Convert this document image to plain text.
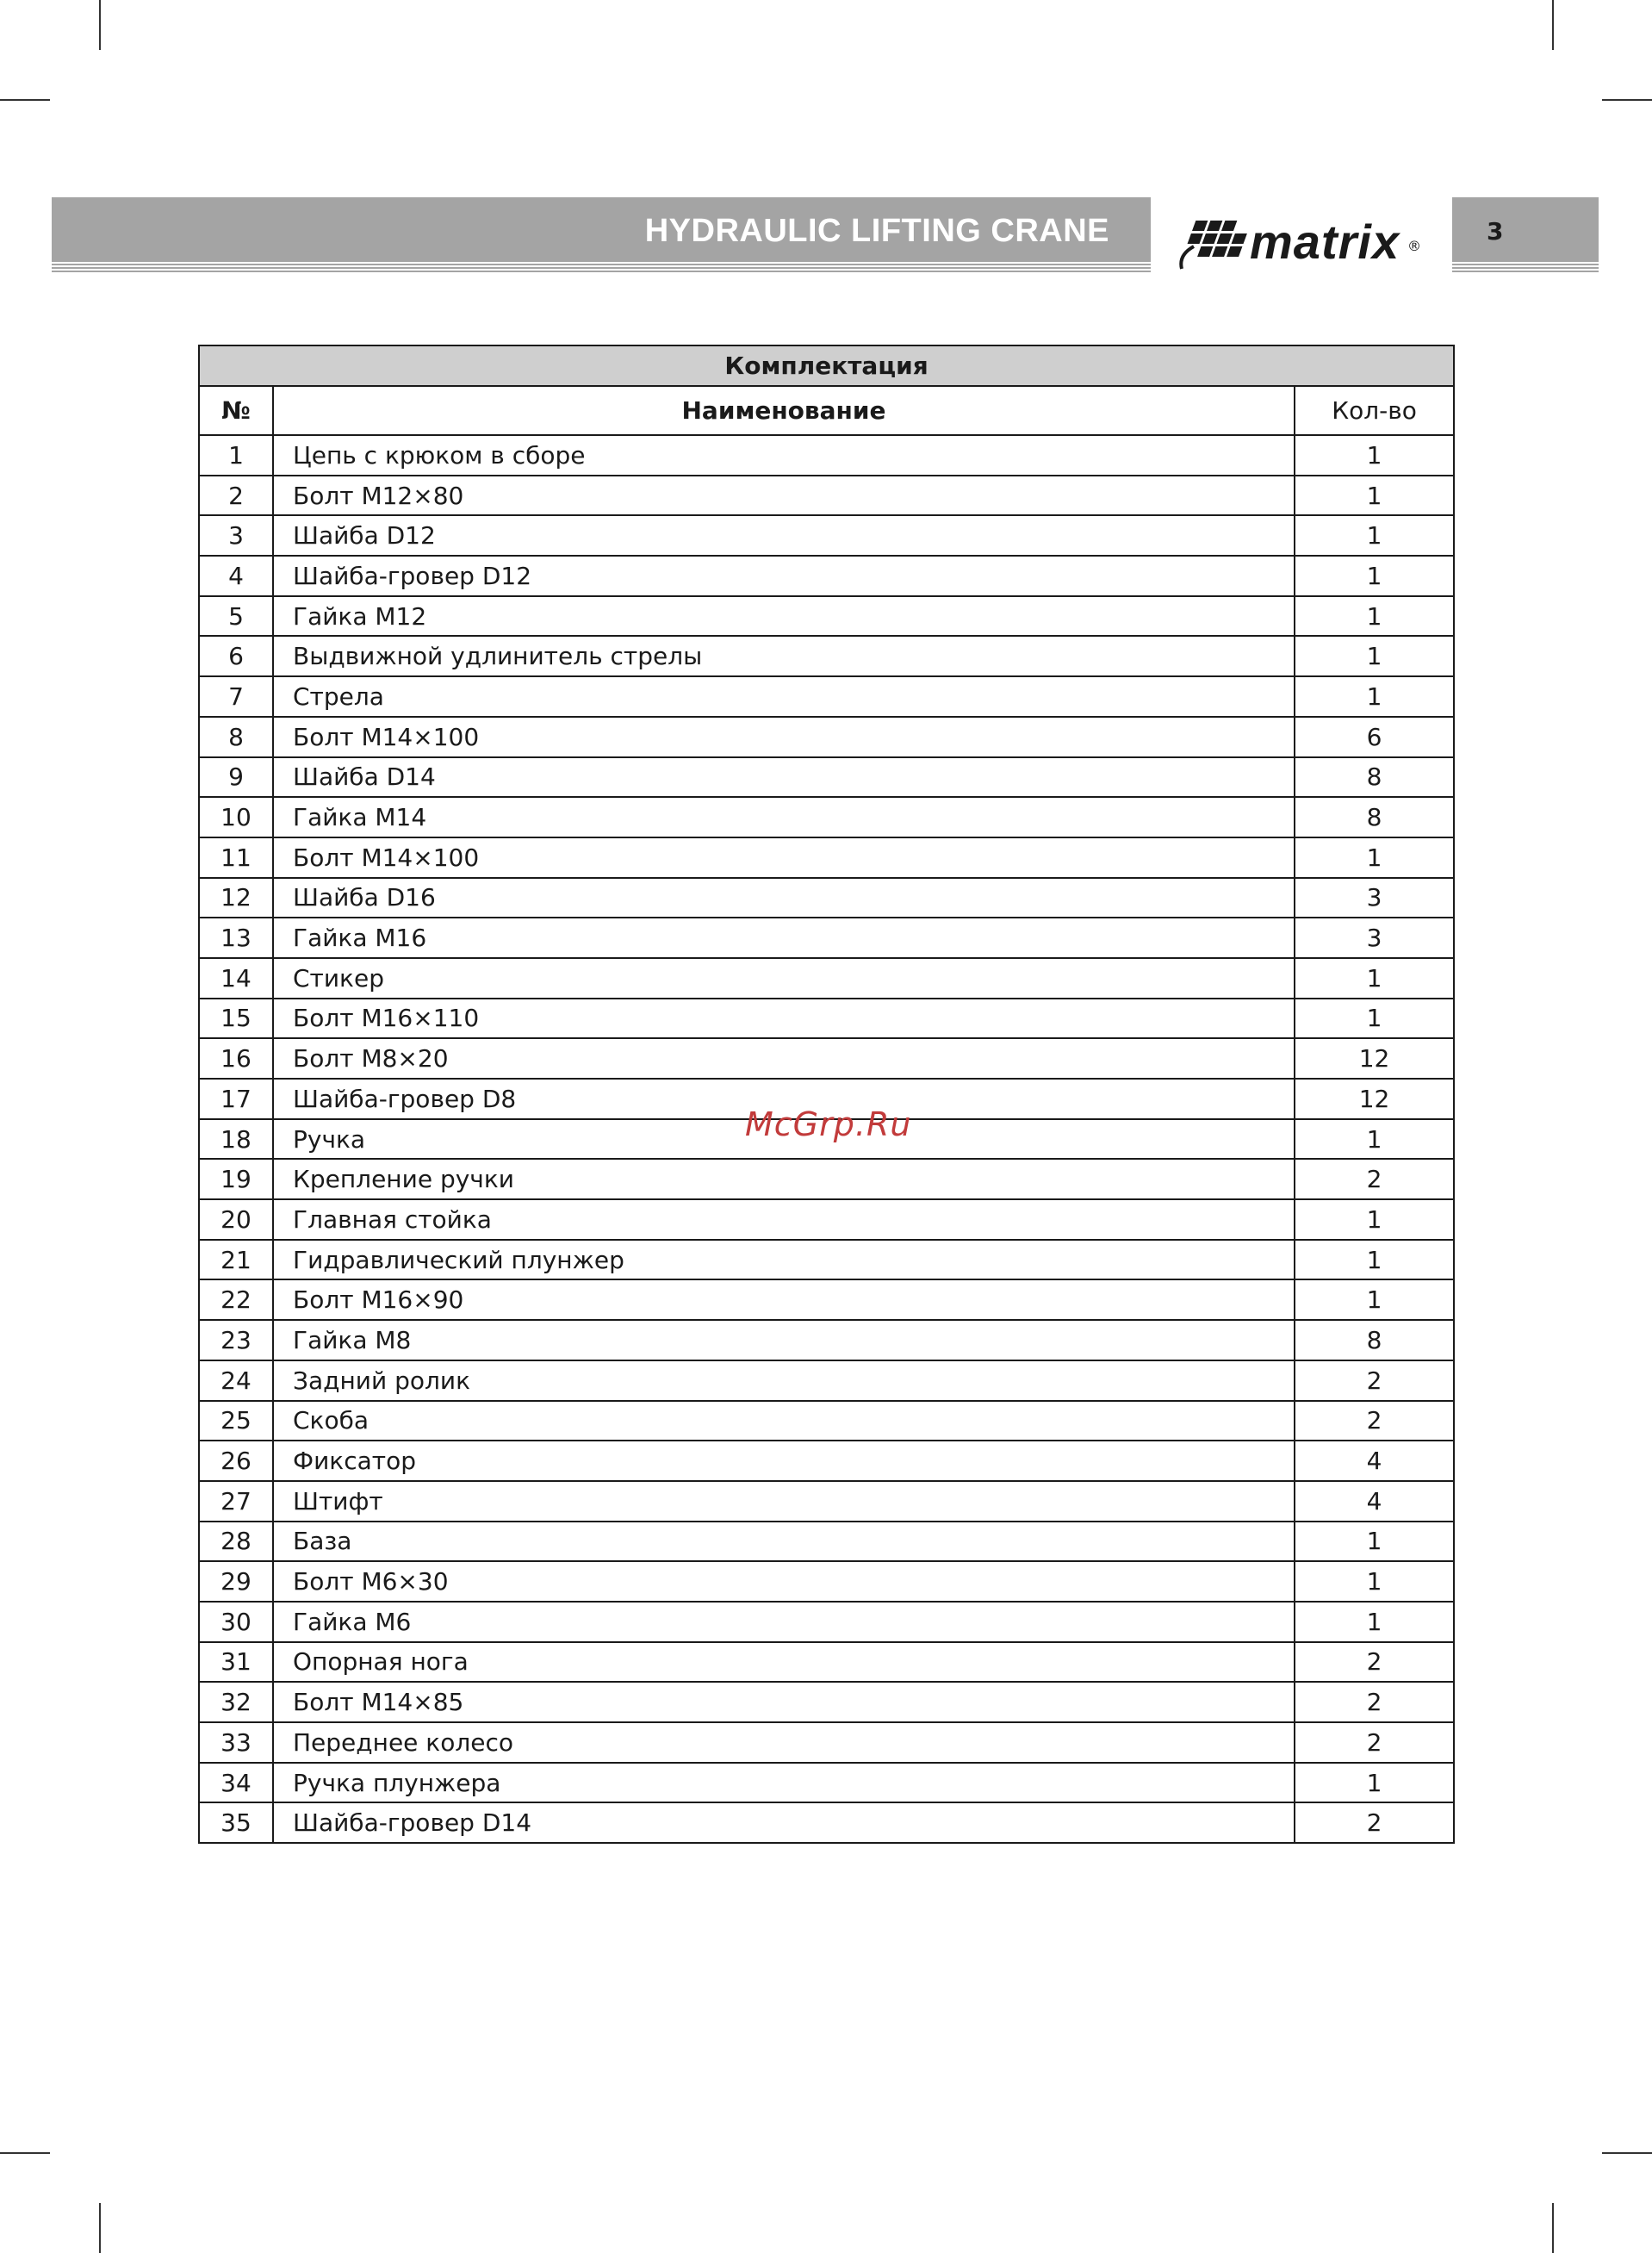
HYDRAULIC LIFTING CRANE	matrix ®
3
Комплектация		
№	Наименование	Кол-во
1	Цепь с крюком в сборе	1
2	Болт M12×80	1
3	Шайба D12	1
4	Шайба-гровер D12	1
5	Гайка M12	1
6	Выдвижной удлинитель стрелы	1
7	Стрела	1
8	Болт M14×100	6
9	Шайба D14	8
10	Гайка M14	8
11	Болт M14×100	1
12	Шайба D16	3
13	Гайка M16	3
14	Стикер	1
15	Болт M16×110	1
16	Болт M8×20	12
17	Шайба-гровер D8	12
18	Ручка	1
19	Крепление ручки	2
20	Главная стойка	1
21	Гидравлический плунжер	1
22	Болт M16×90	1
23	Гайка M8	8
24	Задний ролик	2
25	Скоба	2
26	Фиксатор	4
27	Штифт	4
28	База	1
29	Болт M6×30	1
30	Гайка M6	1
31	Опорная нога	2
32	Болт M14×85	2
33	Переднее колесо	2
34	Ручка плунжера	1
35	Шайба-гровер D14	2
McGrp.Ru
